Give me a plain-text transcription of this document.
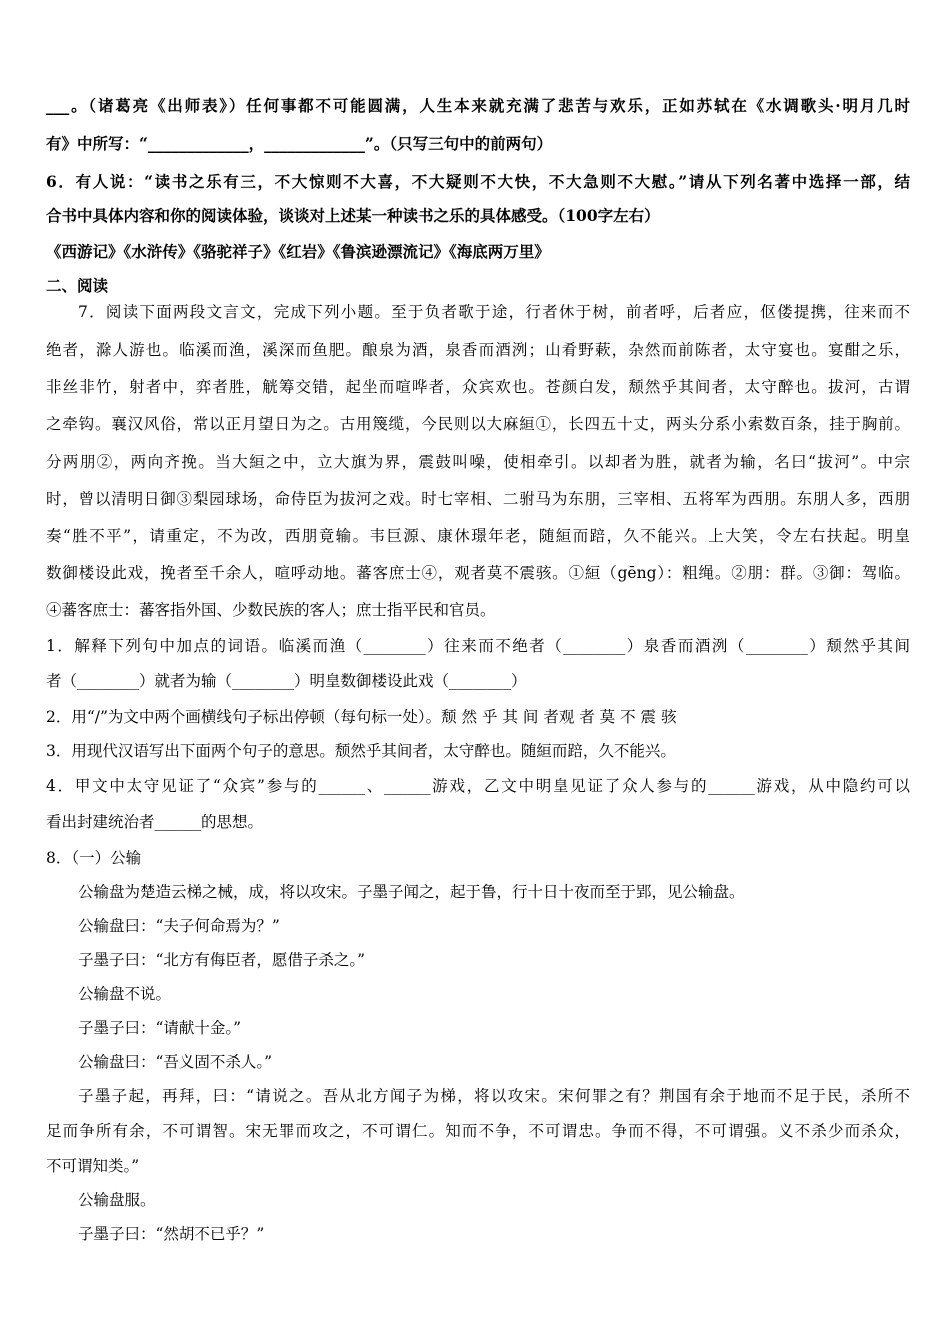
___。（诸葛亮《出师表》）任何事都不可能圆满，人生本来就充满了悲苦与欢乐，正如苏轼在《水调歌头·明月几时

有》中所写：“_____________，_____________”。（只写三句中的前两句）

6．有人说：“读书之乐有三，不大惊则不大喜，不大疑则不大快，不大急则不大慰。”请从下列名著中选择一部，结

合书中具体内容和你的阅读体验，谈谈对上述某一种读书之乐的具体感受。（100字左右）

《西游记》《水浒传》《骆驼祥子》《红岩》《鲁滨逊漂流记》《海底两万里》

二、阅读

7．阅读下面两段文言文，完成下列小题。至于负者歌于途，行者休于树，前者呼，后者应，伛偻提携，往来而不

绝者，滁人游也。临溪而渔，溪深而鱼肥。酿泉为酒，泉香而酒洌；山肴野蔌，杂然而前陈者，太守宴也。宴酣之乐，

非丝非竹，射者中，弈者胜，觥筹交错，起坐而喧哗者，众宾欢也。苍颜白发，颓然乎其间者，太守醉也。拔河，古谓

之牵钩。襄汉风俗，常以正月望日为之。古用篾缆，今民则以大麻絙①，长四五十丈，两头分系小索数百条，挂于胸前。

分两朋②，两向齐挽。当大絙之中，立大旗为界，震鼓叫噪，使相牵引。以却者为胜，就者为输，名曰“拔河”。中宗

时，曾以清明日御③梨园球场，命侍臣为拔河之戏。时七宰相、二驸马为东朋，三宰相、五将军为西朋。东朋人多，西朋

奏“胜不平”，请重定，不为改，西朋竟输。韦巨源、康休璟年老，随絙而踣，久不能兴。上大笑，令左右扶起。明皇

数御楼设此戏，挽者至千余人，喧呼动地。蕃客庶士④，观者莫不震骇。①絙（gēng）：粗绳。②朋：群。③御：驾临。

④蕃客庶士：蕃客指外国、少数民族的客人；庶士指平民和官员。

1．解释下列句中加点的词语。临溪而渔（________）往来而不绝者（________）泉香而酒洌（________）颓然乎其间

者（________）就者为输（________）明皇数御楼设此戏（________）

2．用“/”为文中两个画横线句子标出停顿（每句标一处）。颓 然 乎 其 间 者观 者 莫 不 震 骇

3．用现代汉语写出下面两个句子的意思。颓然乎其间者，太守醉也。随絙而踣，久不能兴。

4．甲文中太守见证了“众宾”参与的______、______游戏，乙文中明皇见证了众人参与的______游戏，从中隐约可以

看出封建统治者______的思想。

8．（一）公输

公输盘为楚造云梯之械，成，将以攻宋。子墨子闻之，起于鲁，行十日十夜而至于郢，见公输盘。

公输盘曰：“夫子何命焉为？”

子墨子曰：“北方有侮臣者，愿借子杀之。”

公输盘不说。

子墨子曰：“请献十金。”

公输盘曰：“吾义固不杀人。”

子墨子起，再拜，曰：“请说之。吾从北方闻子为梯，将以攻宋。宋何罪之有？荆国有余于地而不足于民，杀所不

足而争所有余，不可谓智。宋无罪而攻之，不可谓仁。知而不争，不可谓忠。争而不得，不可谓强。义不杀少而杀众，

不可谓知类。”

公输盘服。

子墨子曰：“然胡不已乎？”
